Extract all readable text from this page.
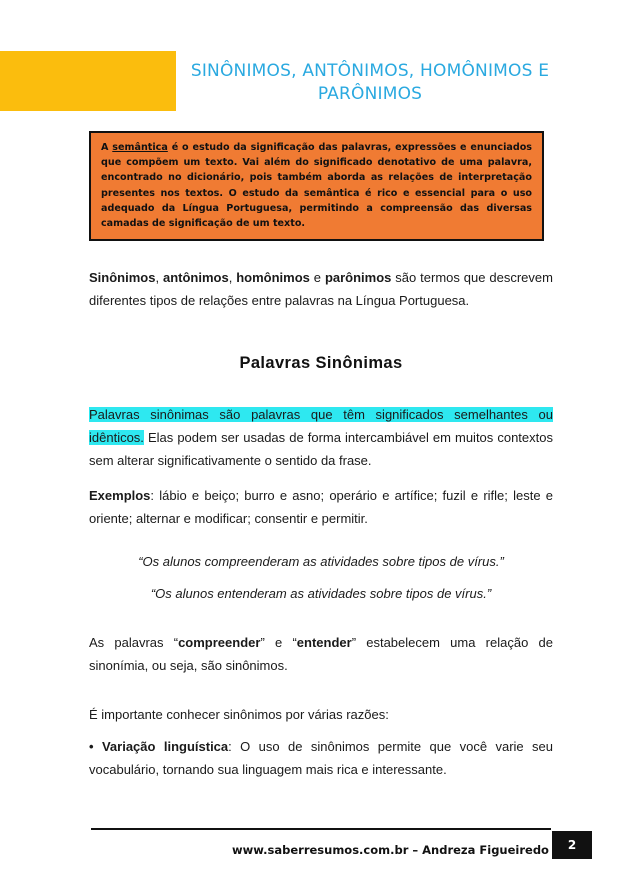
SINÔNIMOS, ANTÔNIMOS, HOMÔNIMOS E PARÔNIMOS
A semântica é o estudo da significação das palavras, expressões e enunciados que compõem um texto. Vai além do significado denotativo de uma palavra, encontrado no dicionário, pois também aborda as relações de interpretação presentes nos textos. O estudo da semântica é rico e essencial para o uso adequado da Língua Portuguesa, permitindo a compreensão das diversas camadas de significação de um texto.
Sinônimos, antônimos, homônimos e parônimos são termos que descrevem diferentes tipos de relações entre palavras na Língua Portuguesa.
Palavras Sinônimas
Palavras sinônimas são palavras que têm significados semelhantes ou idênticos. Elas podem ser usadas de forma intercambiável em muitos contextos sem alterar significativamente o sentido da frase.
Exemplos: lábio e beiço; burro e asno; operário e artífice; fuzil e rifle; leste e oriente; alternar e modificar; consentir e permitir.
“Os alunos compreenderam as atividades sobre tipos de vírus.”
“Os alunos entenderam as atividades sobre tipos de vírus.”
As palavras “compreender” e “entender” estabelecem uma relação de sinonímia, ou seja, são sinônimos.
É importante conhecer sinônimos por várias razões:
• Variação linguística: O uso de sinônimos permite que você varie seu vocabulário, tornando sua linguagem mais rica e interessante.
www.saberresumos.com.br – Andreza Figueiredo	2
